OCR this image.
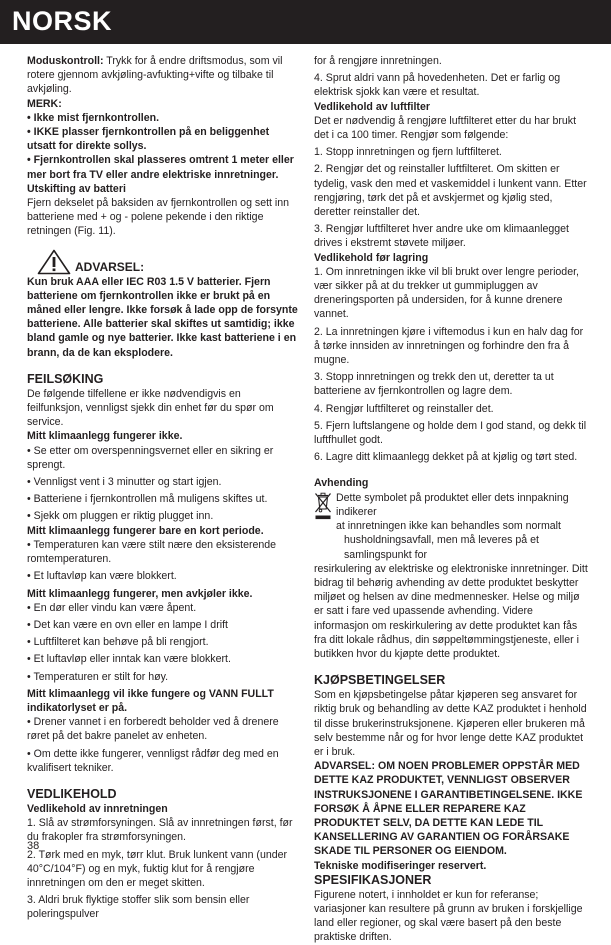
NORSK

Moduskontroll: Trykk for å endre driftsmodus, som vil rotere gjennom avkjøling-avfukting+vifte og tilbake til avkjøling.

MERK:

• Ikke mist fjernkontrollen.

• IKKE plasser fjernkontrollen på en beliggenhet utsatt for direkte sollys.

• Fjernkontrollen skal plasseres omtrent 1 meter eller mer bort fra TV eller andre elektriske innretninger.

Utskifting av batteri

Fjern dekselet på baksiden av fjernkontrollen og sett inn batteriene med + og - polene pekende i den riktige retningen (Fig. 11).

ADVARSEL:

Kun bruk AAA eller IEC R03 1.5 V batterier. Fjern batteriene om fjernkontrollen ikke er brukt på en måned eller lengre. Ikke forsøk å lade opp de forsynte batteriene. Alle batterier skal skiftes ut samtidig; ikke bland gamle og nye batterier. Ikke kast batteriene i en brann, da de kan eksplodere.

FEILSØKING

De følgende tilfellene er ikke nødvendigvis en feilfunksjon, vennligst sjekk din enhet før du spør om service.

Mitt klimaanlegg fungerer ikke.

• Se etter om overspenningsvernet eller en sikring er sprengt.

• Vennligst vent i 3 minutter og start igjen.

• Batteriene i fjernkontrollen må muligens skiftes ut.

• Sjekk om pluggen er riktig plugget inn.

Mitt klimaanlegg fungerer bare en kort periode.

• Temperaturen kan være stilt nære den eksisterende romtemperaturen.

• Et luftavløp kan være blokkert.

Mitt klimaanlegg fungerer, men avkjøler ikke.

• En dør eller vindu kan være åpent.

• Det kan være en ovn eller en lampe I drift

• Luftfilteret kan behøve på bli rengjort.

• Et luftavløp eller inntak kan være blokkert.

• Temperaturen er stilt for høy.

Mitt klimaanlegg vil ikke fungere og VANN FULLT indikatorlyset er på.

• Drener vannet i en forberedt beholder ved å drenere røret på det bakre panelet av enheten.

• Om dette ikke fungerer, vennligst rådfør deg med en kvalifisert tekniker.

VEDLIKEHOLD

Vedlikehold av innretningen

1. Slå av strømforsyningen. Slå av innretningen først, før du frakopler fra strømforsyningen.

2. Tørk med en myk, tørr klut. Bruk lunkent vann (under 40°C/104°F) og en myk, fuktig klut for å rengjøre innretningen om den er meget skitten.

3. Aldri bruk flyktige stoffer slik som bensin eller poleringspulver

for å rengjøre innretningen.

4. Sprut aldri vann på hovedenheten. Det er farlig og elektrisk sjokk kan være et resultat.

Vedlikehold av luftfilter

Det er nødvendig å rengjøre luftfilteret etter du har brukt det i ca 100 timer. Rengjør som følgende:

1. Stopp innretningen og fjern luftfilteret.

2. Rengjør det og reinstaller luftfilteret. Om skitten er tydelig, vask den med et vaskemiddel i lunkent vann. Etter rengjøring, tørk det på et avskjermet og kjølig sted, deretter reinstaller det.

3. Rengjør luftfilteret hver andre uke om klimaanlegget drives i ekstremt støvete miljøer.

Vedlikehold før lagring

1. Om innretningen ikke vil bli brukt over lengre perioder, vær sikker på at du trekker ut gummipluggen av dreneringsporten på undersiden, for å kunne drenere vannet.

2. La innretningen kjøre i viftemodus i kun en halv dag for å tørke innsiden av innretningen og forhindre den fra å mugne.

3. Stopp innretningen og trekk den ut, deretter ta ut batteriene av fjernkontrollen og lagre dem.

4. Rengjør luftfilteret og reinstaller det.

5. Fjern luftslangene og holde dem I god stand, og dekk til luftfhullet godt.

6. Lagre ditt klimaanlegg dekket på at kjølig og tørt sted.

Avhending

Dette symbolet på produktet eller dets innpakning indikerer

at innretningen ikke kan behandles som normalt

husholdningsavfall, men må leveres på et samlingspunkt for

resirkulering av elektriske og elektroniske innretninger. Ditt bidrag til behørig avhending av dette produktet beskytter miljøet og helsen av dine medmennesker. Helse og miljø er satt i fare ved upassende avhending. Videre informasjon om reskirkulering av dette produktet kan fås fra ditt lokale rådhus, din søppeltømmingstjeneste, eller i butikken hvor du kjøpte dette produktet.

KJØPSBETINGELSER

Som en kjøpsbetingelse påtar kjøperen seg ansvaret for riktig bruk og behandling av dette KAZ produktet i henhold til disse brukerinstruksjonene. Kjøperen eller brukeren må selv bestemme når og for hvor lenge dette KAZ produktet er i bruk.

ADVARSEL: OM NOEN PROBLEMER OPPSTÅR MED DETTE KAZ PRODUKTET, VENNLIGST OBSERVER INSTRUKSJONENE I GARANTIBETINGELSENE. IKKE FORSØK Å ÅPNE ELLER REPARERE KAZ PRODUKTET SELV, DA DETTE KAN LEDE TIL KANSELLERING AV GARANTIEN OG FORÅRSAKE SKADE TIL PERSONER OG EIENDOM.

Tekniske modifiseringer reservert.

SPESIFIKASJONER

Figurene notert, i innholdet er kun for referanse; variasjoner kan resultere på grunn av bruken i forskjellige land eller regioner, og skal være basert på den beste praktiske driften.

38
